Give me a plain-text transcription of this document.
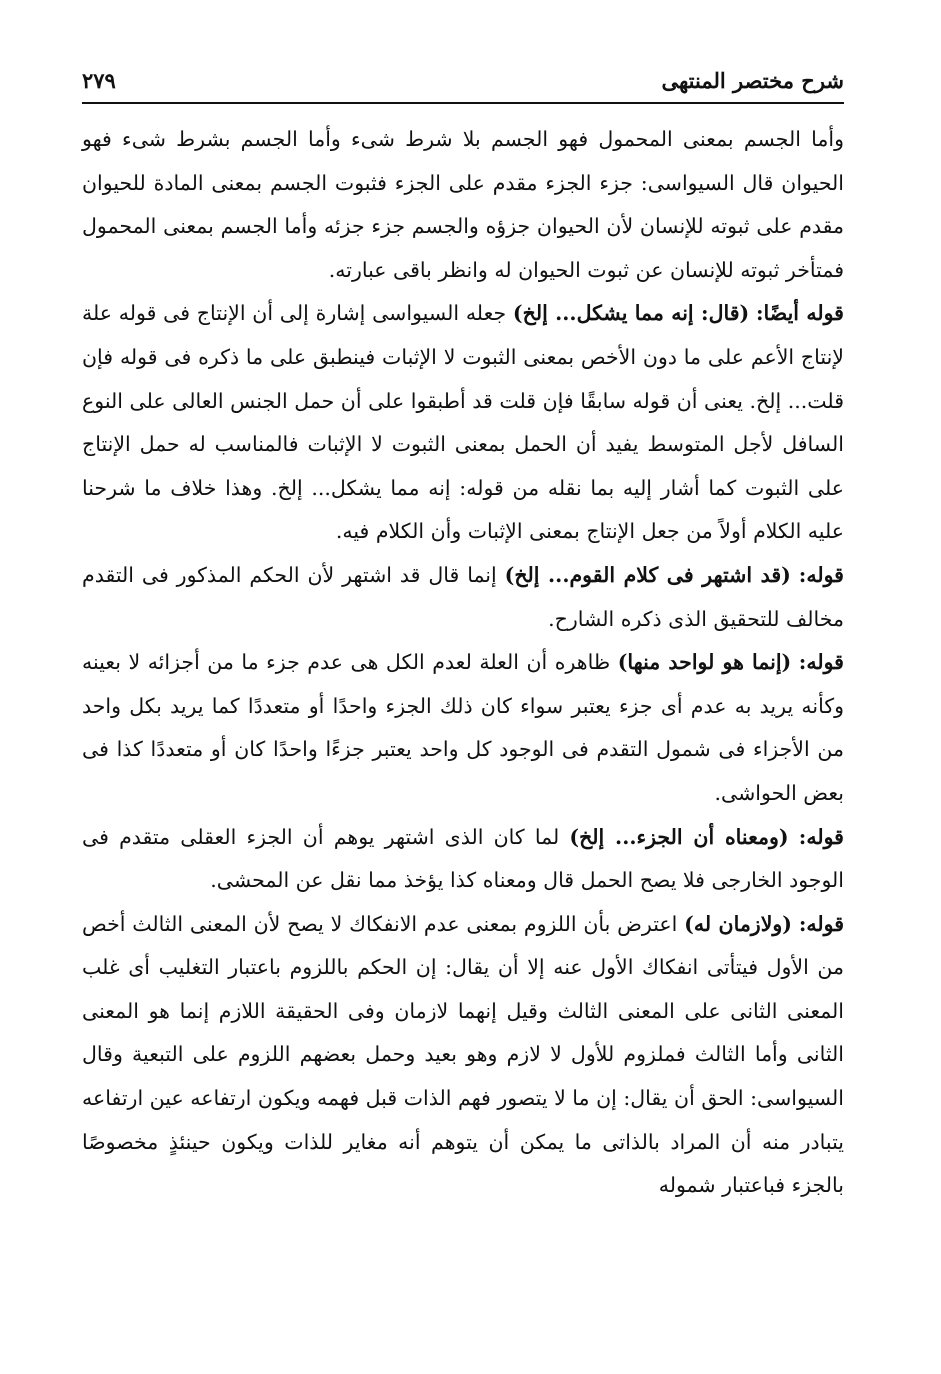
شرح مختصر المنتهى
٢٧٩

وأما الجسم بمعنى المحمول فهو الجسم بلا شرط شىء وأما الجسم بشرط شىء فهو الحيوان قال السيواسى: جزء الجزء مقدم على الجزء فثبوت الجسم بمعنى المادة للحيوان مقدم على ثبوته للإنسان لأن الحيوان جزؤه والجسم جزء جزئه وأما الجسم بمعنى المحمول فمتأخر ثبوته للإنسان عن ثبوت الحيوان له وانظر باقى عبارته.

قوله أيضًا: (قال: إنه مما يشكل... إلخ) جعله السيواسى إشارة إلى أن الإنتاج فى قوله علة لإنتاج الأعم على ما دون الأخص بمعنى الثبوت لا الإثبات فينطبق على ما ذكره فى قوله فإن قلت... إلخ. يعنى أن قوله سابقًا فإن قلت قد أطبقوا على أن حمل الجنس العالى على النوع السافل لأجل المتوسط يفيد أن الحمل بمعنى الثبوت لا الإثبات فالمناسب له حمل الإنتاج على الثبوت كما أشار إليه بما نقله من قوله: إنه مما يشكل... إلخ. وهذا خلاف ما شرحنا عليه الكلام أولاً من جعل الإنتاج بمعنى الإثبات وأن الكلام فيه.

قوله: (قد اشتهر فى كلام القوم... إلخ) إنما قال قد اشتهر لأن الحكم المذكور فى التقدم مخالف للتحقيق الذى ذكره الشارح.

قوله: (إنما هو لواحد منها) ظاهره أن العلة لعدم الكل هى عدم جزء ما من أجزائه لا بعينه وكأنه يريد به عدم أى جزء يعتبر سواء كان ذلك الجزء واحدًا أو متعددًا كما يريد بكل واحد من الأجزاء فى شمول التقدم فى الوجود كل واحد يعتبر جزءًا واحدًا كان أو متعددًا كذا فى بعض الحواشى.

قوله: (ومعناه أن الجزء... إلخ) لما كان الذى اشتهر يوهم أن الجزء العقلى متقدم فى الوجود الخارجى فلا يصح الحمل قال ومعناه كذا يؤخذ مما نقل عن المحشى.

قوله: (ولازمان له) اعترض بأن اللزوم بمعنى عدم الانفكاك لا يصح لأن المعنى الثالث أخص من الأول فيتأتى انفكاك الأول عنه إلا أن يقال: إن الحكم باللزوم باعتبار التغليب أى غلب المعنى الثانى على المعنى الثالث وقيل إنهما لازمان وفى الحقيقة اللازم إنما هو المعنى الثانى وأما الثالث فملزوم للأول لا لازم وهو بعيد وحمل بعضهم اللزوم على التبعية وقال السيواسى: الحق أن يقال: إن ما لا يتصور فهم الذات قبل فهمه ويكون ارتفاعه عين ارتفاعه يتبادر منه أن المراد بالذاتى ما يمكن أن يتوهم أنه مغاير للذات ويكون حينئذٍ مخصوصًا بالجزء فباعتبار شموله
